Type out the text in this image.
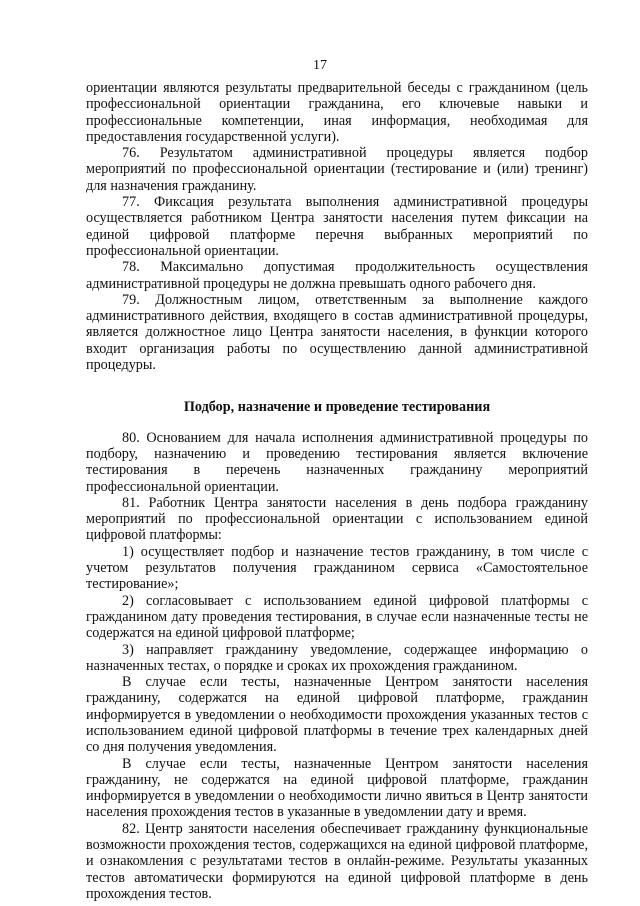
17

ориентации являются результаты предварительной беседы с гражданином (цель профессиональной ориентации гражданина, его ключевые навыки и профессиональные компетенции, иная информация, необходимая для предоставления государственной услуги).

76. Результатом административной процедуры является подбор мероприятий по профессиональной ориентации (тестирование и (или) тренинг) для назначения гражданину.

77. Фиксация результата выполнения административной процедуры осуществляется работником Центра занятости населения путем фиксации на единой цифровой платформе перечня выбранных мероприятий по профессиональной ориентации.

78. Максимально допустимая продолжительность осуществления административной процедуры не должна превышать одного рабочего дня.

79. Должностным лицом, ответственным за выполнение каждого административного действия, входящего в состав административной процедуры, является должностное лицо Центра занятости населения, в функции которого входит организация работы по осуществлению данной административной процедуры.

Подбор, назначение и проведение тестирования

80. Основанием для начала исполнения административной процедуры по подбору, назначению и проведению тестирования является включение тестирования в перечень назначенных гражданину мероприятий профессиональной ориентации.

81. Работник Центра занятости населения в день подбора гражданину мероприятий по профессиональной ориентации с использованием единой цифровой платформы:

1) осуществляет подбор и назначение тестов гражданину, в том числе с учетом результатов получения гражданином сервиса «Самостоятельное тестирование»;

2) согласовывает с использованием единой цифровой платформы с гражданином дату проведения тестирования, в случае если назначенные тесты не содержатся на единой цифровой платформе;

3) направляет гражданину уведомление, содержащее информацию о назначенных тестах, о порядке и сроках их прохождения гражданином.

В случае если тесты, назначенные Центром занятости населения гражданину, содержатся на единой цифровой платформе, гражданин информируется в уведомлении о необходимости прохождения указанных тестов с использованием единой цифровой платформы в течение трех календарных дней со дня получения уведомления.

В случае если тесты, назначенные Центром занятости населения гражданину, не содержатся на единой цифровой платформе, гражданин информируется в уведомлении о необходимости лично явиться в Центр занятости населения прохождения тестов в указанные в уведомлении дату и время.

82. Центр занятости населения обеспечивает гражданину функциональные возможности прохождения тестов, содержащихся на единой цифровой платформе, и ознакомления с результатами тестов в онлайн-режиме. Результаты указанных тестов автоматически формируются на единой цифровой платформе в день прохождения тестов.
